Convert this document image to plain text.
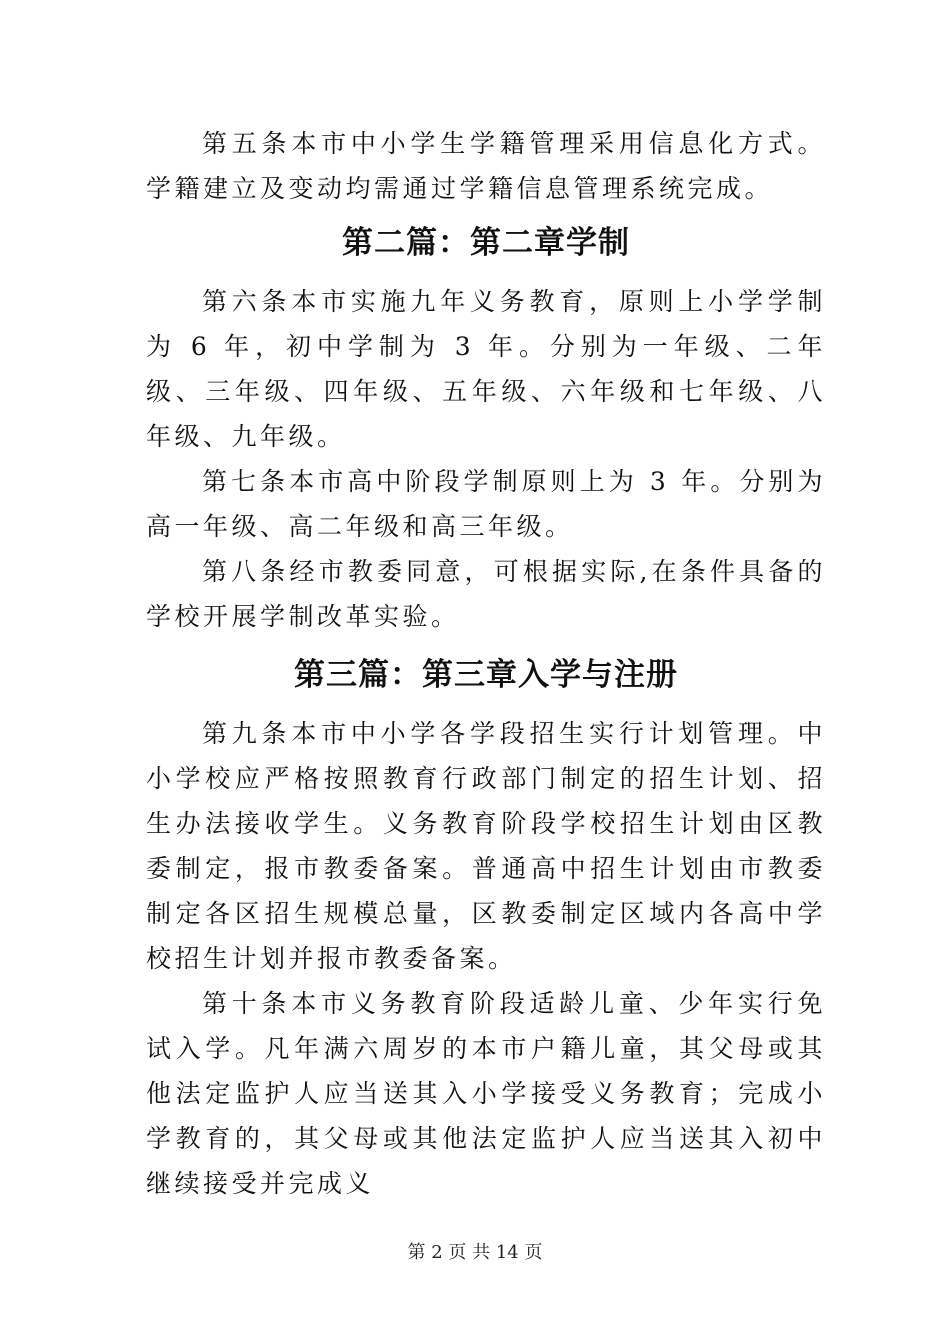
第五条本市中小学生学籍管理采用信息化方式。学籍建立及变动均需通过学籍信息管理系统完成。

第二篇：第二章学制

第六条本市实施九年义务教育，原则上小学学制为 6 年，初中学制为 3 年。分别为一年级、二年级、三年级、四年级、五年级、六年级和七年级、八年级、九年级。

第七条本市高中阶段学制原则上为 3 年。分别为高一年级、高二年级和高三年级。

第八条经市教委同意，可根据实际,在条件具备的学校开展学制改革实验。

第三篇：第三章入学与注册

第九条本市中小学各学段招生实行计划管理。中小学校应严格按照教育行政部门制定的招生计划、招生办法接收学生。义务教育阶段学校招生计划由区教委制定，报市教委备案。普通高中招生计划由市教委制定各区招生规模总量，区教委制定区域内各高中学校招生计划并报市教委备案。

第十条本市义务教育阶段适龄儿童、少年实行免试入学。凡年满六周岁的本市户籍儿童，其父母或其他法定监护人应当送其入小学接受义务教育；完成小学教育的，其父母或其他法定监护人应当送其入初中继续接受并完成义

第 2 页 共 14 页
